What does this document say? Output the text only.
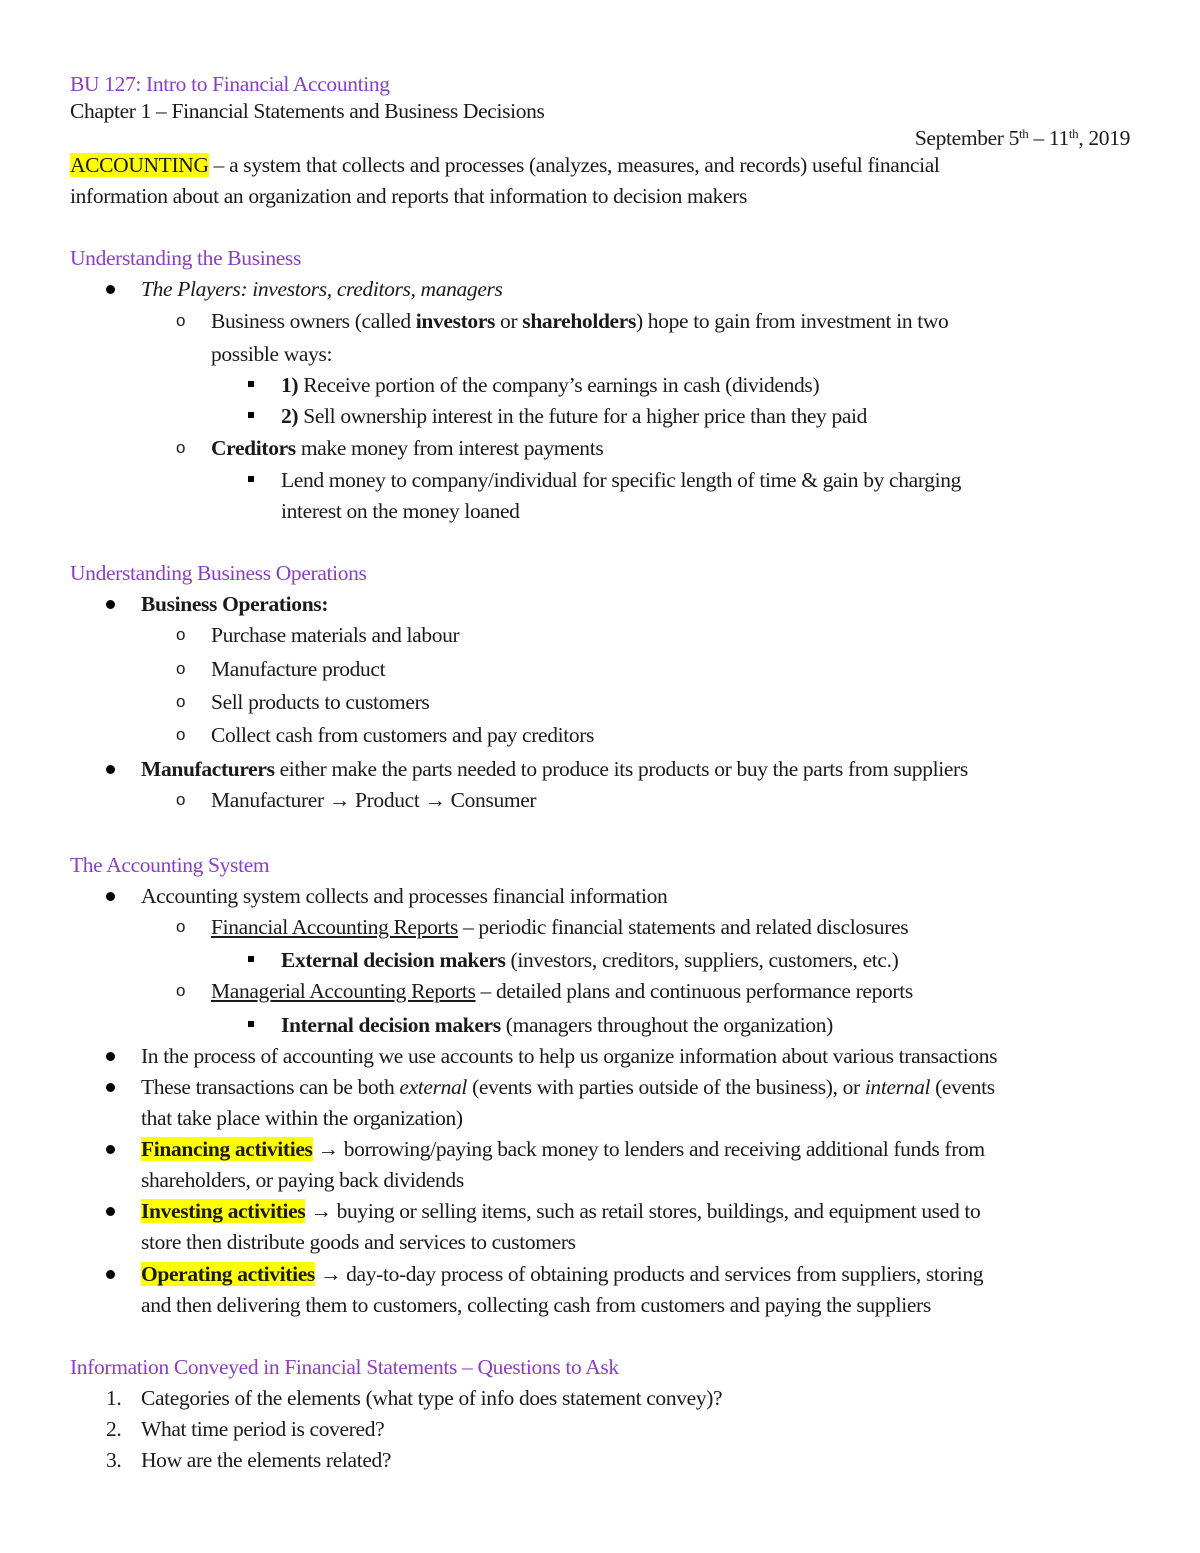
BU 127: Intro to Financial Accounting
Chapter 1 – Financial Statements and Business Decisions
September 5th – 11th, 2019
ACCOUNTING – a system that collects and processes (analyzes, measures, and records) useful financial
information about an organization and reports that information to decision makers
Understanding the Business
The Players: investors, creditors, managers
o Business owners (called investors or shareholders) hope to gain from investment in two
possible ways:
1) Receive portion of the company’s earnings in cash (dividends)
2) Sell ownership interest in the future for a higher price than they paid
o Creditors make money from interest payments
Lend money to company/individual for specific length of time & gain by charging
interest on the money loaned
Understanding Business Operations
Business Operations:
o Purchase materials and labour
o Manufacture product
o Sell products to customers
o Collect cash from customers and pay creditors
Manufacturers either make the parts needed to produce its products or buy the parts from suppliers
o Manufacturer → Product → Consumer
The Accounting System
Accounting system collects and processes financial information
o Financial Accounting Reports – periodic financial statements and related disclosures
External decision makers (investors, creditors, suppliers, customers, etc.)
o Managerial Accounting Reports – detailed plans and continuous performance reports
Internal decision makers (managers throughout the organization)
In the process of accounting we use accounts to help us organize information about various transactions
These transactions can be both external (events with parties outside of the business), or internal (events
that take place within the organization)
Financing activities → borrowing/paying back money to lenders and receiving additional funds from
shareholders, or paying back dividends
Investing activities → buying or selling items, such as retail stores, buildings, and equipment used to
store then distribute goods and services to customers
Operating activities → day-to-day process of obtaining products and services from suppliers, storing
and then delivering them to customers, collecting cash from customers and paying the suppliers
Information Conveyed in Financial Statements – Questions to Ask
1. Categories of the elements (what type of info does statement convey)?
2. What time period is covered?
3. How are the elements related?
